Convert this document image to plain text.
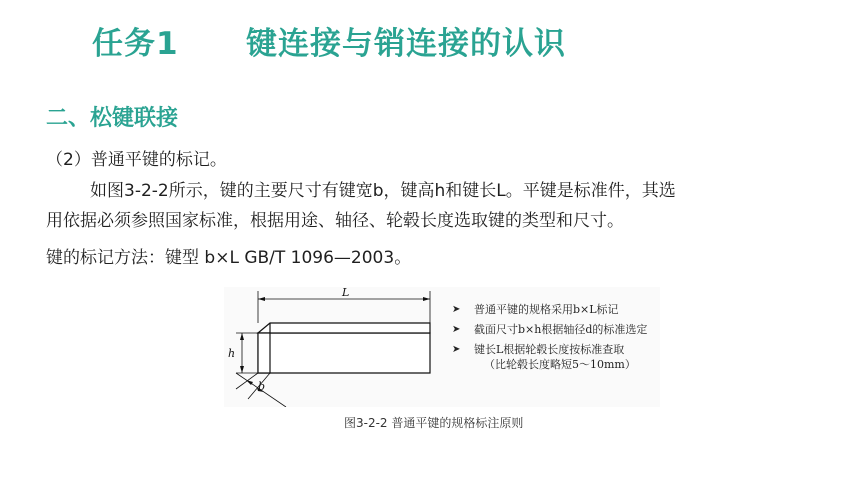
任务1 键连接与销连接的认识
二、松键联接
（2）普通平键的标记。
如图3-2-2所示，键的主要尺寸有键宽b，键高h和键长L。平键是标准件，其选
用依据必须参照国家标准，根据用途、轴径、轮毂长度选取键的类型和尺寸。
键的标记方法：键型 b×L GB/T 1096—2003。
L
h
b
➤	普通平键的规格采用b×L标记
➤	截面尺寸b×h根据轴径d的标准选定
➤	键长L根据轮毂长度按标准查取
（比轮毂长度略短5～10mm）
图3-2-2 普通平键的规格标注原则
